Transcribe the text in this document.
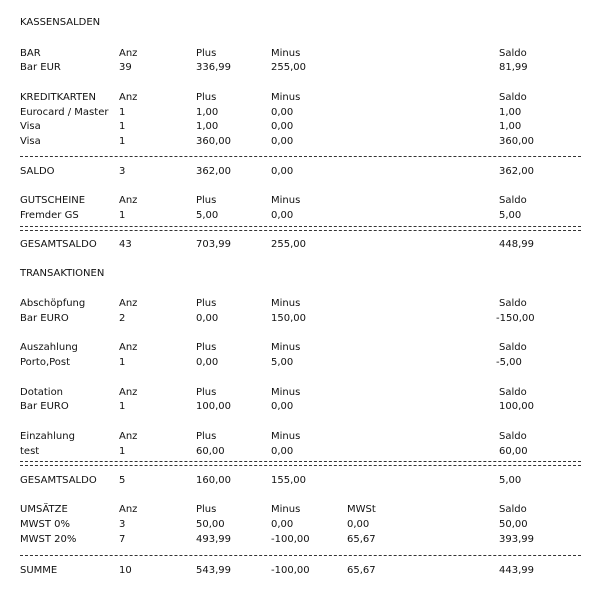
KASSENSALDEN
BAR	Anz	Plus	Minus	Saldo
Bar EUR	39	336,99	255,00	81,99
KREDITKARTEN Anz	Plus	Minus	Saldo
Eurocard / Master 1	1,00	0,00	1,00
Visa	1	1,00	0,00	1,00
Visa	1	360,00	0,00	360,00
SALDO	3	362,00	0,00	362,00
GUTSCHEINE	Anz	Plus	Minus	Saldo
Fremder GS	1	5,00	0,00	5,00
GESAMTSALDO 43	703,99	255,00	448,99
TRANSAKTIONEN
Abschöpfung	Anz	Plus	Minus	Saldo
Bar EURO	2	0,00	150,00	-150,00
Auszahlung	Anz	Plus	Minus	Saldo
Porto,Post	1	0,00	5,00	-5,00
Dotation	Anz	Plus	Minus	Saldo
Bar EURO	1	100,00	0,00	100,00
Einzahlung	Anz	Plus	Minus	Saldo
test	1	60,00	0,00	60,00
GESAMTSALDO 5	160,00	155,00	5,00
UMSÄTZE	Anz	Plus	Minus	MWSt	Saldo
MWST 0%	3	50,00	0,00	0,00	50,00
MWST 20%	7	493,99	-100,00	65,67	393,99
SUMME	10	543,99	-100,00	65,67	443,99
